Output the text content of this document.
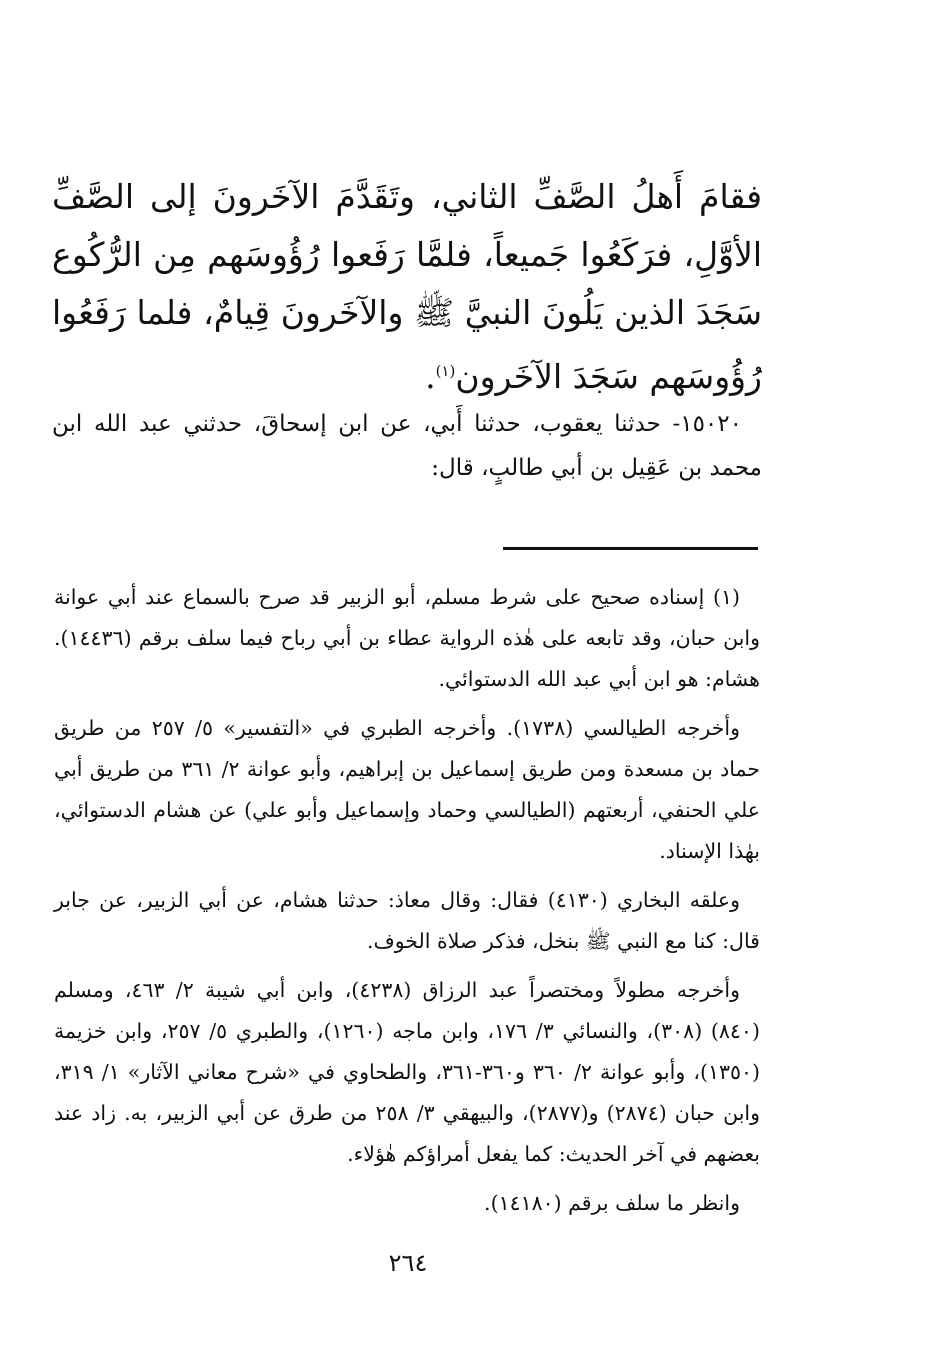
فقامَ أَهلُ الصَّفِّ الثاني، وتَقَدَّمَ الآخَرونَ إلى الصَّفِّ الأوَّلِ، فرَكَعُوا جَميعاً، فلمَّا رَفَعوا رُؤُوسَهم مِن الرُّكُوع سَجَدَ الذين يَلُونَ النبيَّ ﷺ والآخَرونَ قِيامٌ، فلما رَفَعُوا رُؤُوسَهم سَجَدَ الآخَرون$^{(١)}$.

١٥٠٢٠- حدثنا يعقوب، حدثنا أَبي، عن ابن إسحاقَ، حدثني عبد الله ابن محمد بن عَقِيل بن أبي طالبٍ، قال:

(١) إسناده صحيح على شرط مسلم، أبو الزبير قد صرح بالسماع عند أبي عوانة وابن حبان، وقد تابعه على هٰذه الرواية عطاء بن أبي رباح فيما سلف برقم (١٤٤٣٦). هشام: هو ابن أبي عبد الله الدستوائي.

وأخرجه الطيالسي (١٧٣٨). وأخرجه الطبري في «التفسير» ٥/ ٢٥٧ من طريق حماد بن مسعدة ومن طريق إسماعيل بن إبراهيم، وأبو عوانة ٢/ ٣٦١ من طريق أبي علي الحنفي، أربعتهم (الطيالسي وحماد وإسماعيل وأبو علي) عن هشام الدستوائي، بهٰذا الإسناد.

وعلقه البخاري (٤١٣٠) فقال: وقال معاذ: حدثنا هشام، عن أبي الزبير، عن جابر قال: كنا مع النبي ﷺ بنخل، فذكر صلاة الخوف.

وأخرجه مطولاً ومختصراً عبد الرزاق (٤٢٣٨)، وابن أبي شيبة ٢/ ٤٦٣، ومسلم (٨٤٠) (٣٠٨)، والنسائي ٣/ ١٧٦، وابن ماجه (١٢٦٠)، والطبري ٥/ ٢٥٧، وابن خزيمة (١٣٥٠)، وأبو عوانة ٢/ ٣٦٠ و٣٦٠-٣٦١، والطحاوي في «شرح معاني الآثار» ١/ ٣١٩، وابن حبان (٢٨٧٤) و(٢٨٧٧)، والبيهقي ٣/ ٢٥٨ من طرق عن أبي الزبير، به. زاد عند بعضهم في آخر الحديث: كما يفعل أمراؤكم هٰؤلاء.

وانظر ما سلف برقم (١٤١٨٠).

٢٦٤
